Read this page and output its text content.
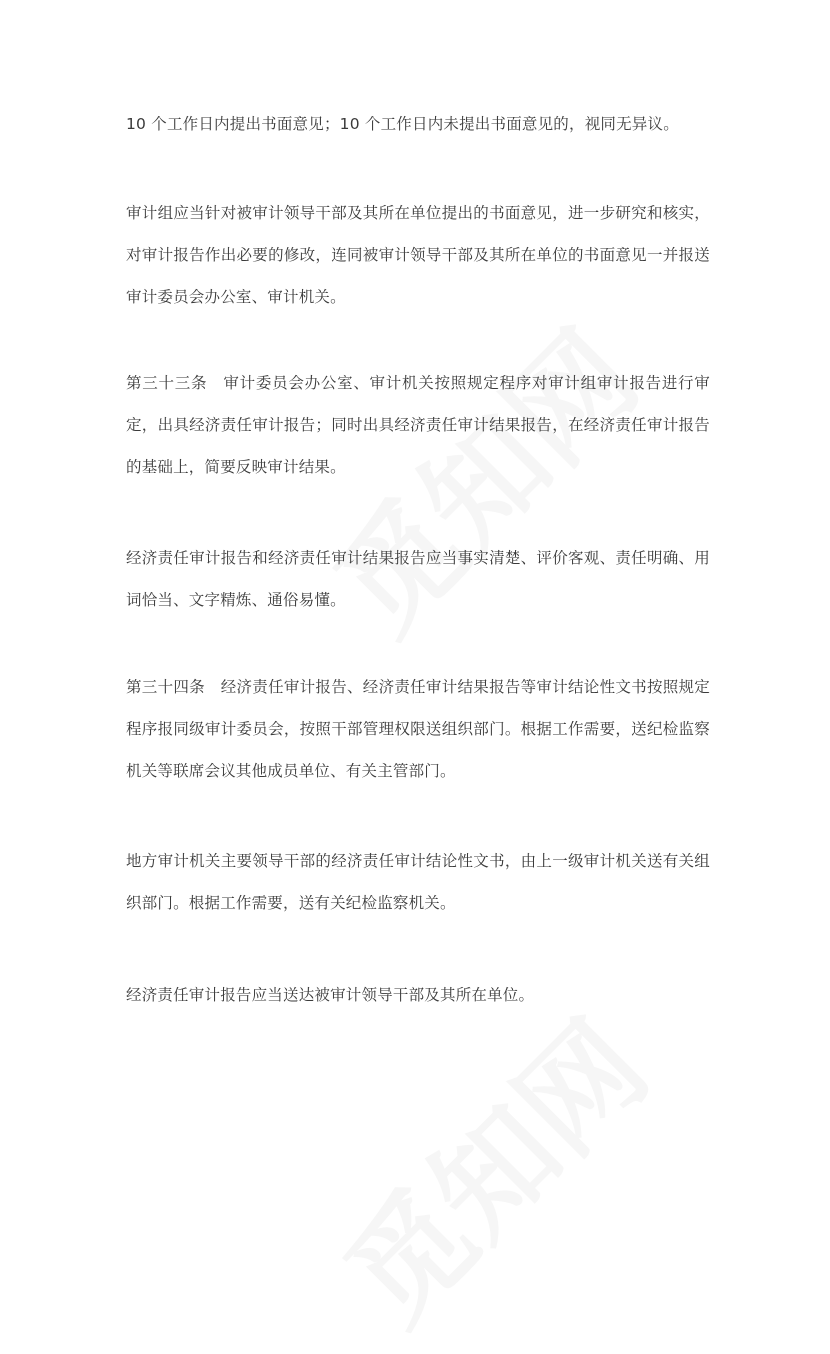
10 个工作日内提出书面意见；10 个工作日内未提出书面意见的，视同无异议。

审计组应当针对被审计领导干部及其所在单位提出的书面意见，进一步研究和核实，对审计报告作出必要的修改，连同被审计领导干部及其所在单位的书面意见一并报送审计委员会办公室、审计机关。

第三十三条　审计委员会办公室、审计机关按照规定程序对审计组审计报告进行审定，出具经济责任审计报告；同时出具经济责任审计结果报告，在经济责任审计报告的基础上，简要反映审计结果。

经济责任审计报告和经济责任审计结果报告应当事实清楚、评价客观、责任明确、用词恰当、文字精炼、通俗易懂。

第三十四条　经济责任审计报告、经济责任审计结果报告等审计结论性文书按照规定程序报同级审计委员会，按照干部管理权限送组织部门。根据工作需要，送纪检监察机关等联席会议其他成员单位、有关主管部门。

地方审计机关主要领导干部的经济责任审计结论性文书，由上一级审计机关送有关组织部门。根据工作需要，送有关纪检监察机关。

经济责任审计报告应当送达被审计领导干部及其所在单位。
